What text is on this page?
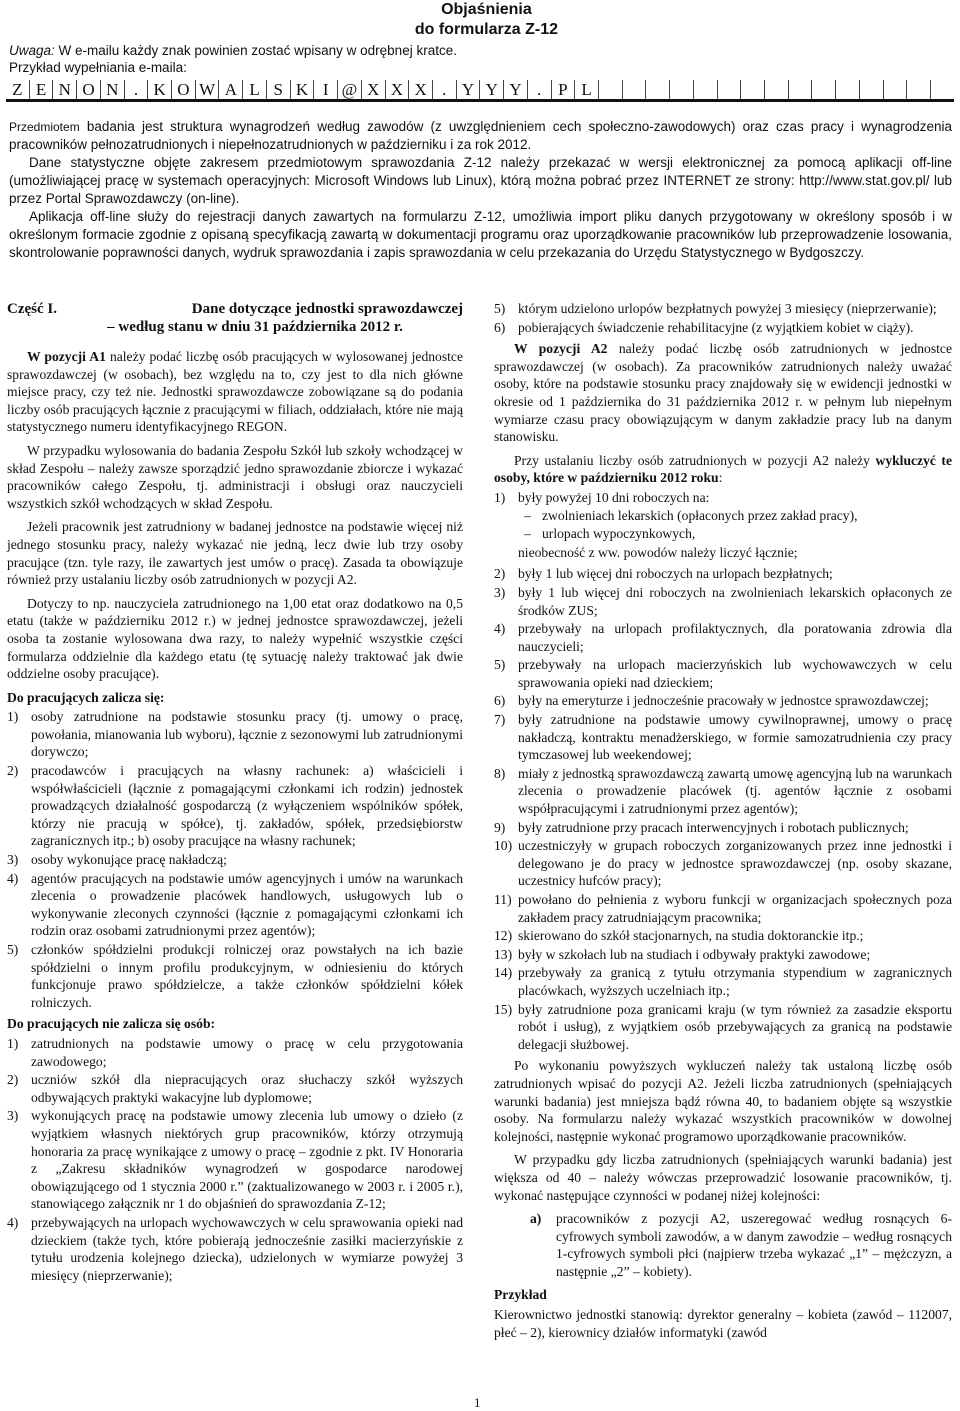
Objaśnienia
do formularza Z-12
Uwaga: W e-mailu każdy znak powinien zostać wpisany w odrębnej kratce.
Przykład wypełniania e-maila:
Z E N O N . K O W A L S K I @ X X X . Y Y Y . P L

Przedmiotem badania jest struktura wynagrodzeń według zawodów (z uwzględnieniem cech społeczno-zawodowych) oraz czas pracy i wynagrodzenia pracowników pełnozatrudnionych i niepełnozatrudnionych w październiku i za rok 2012.

Dane statystyczne objęte zakresem przedmiotowym sprawozdania Z-12 należy przekazać w wersji elektronicznej za pomocą aplikacji off-line (umożliwiającej pracę w systemach operacyjnych: Microsoft Windows lub Linux), którą można pobrać przez INTERNET ze strony: http://www.stat.gov.pl/ lub przez Portal Sprawozdawczy (on-line).

Aplikacja off-line służy do rejestracji danych zawartych na formularzu Z-12, umożliwia import pliku danych przygotowany w określony sposób i w określonym formacie zgodnie z opisaną specyfikacją zawartą w dokumentacji programu oraz uporządkowanie pracowników lub przeprowadzenie losowania, skontrolowanie poprawności danych, wydruk sprawozdania i zapis sprawozdania w celu przekazania do Urzędu Statystycznego w Bydgoszczy.

Część I.	Dane dotyczące jednostki sprawozdawczej
– według stanu w dniu 31 października 2012 r.

W pozycji A1 należy podać liczbę osób pracujących w wylosowanej jednostce sprawozdawczej (w osobach), bez względu na to, czy jest to dla nich główne miejsce pracy, czy też nie. Jednostki sprawozdawcze zobowiązane są do podania liczby osób pracujących łącznie z pracującymi w filiach, oddziałach, które nie mają statystycznego numeru identyfikacyjnego REGON.

W przypadku wylosowania do badania Zespołu Szkół lub szkoły wchodzącej w skład Zespołu – należy zawsze sporządzić jedno sprawozdanie zbiorcze i wykazać pracowników całego Zespołu, tj. administracji i obsługi oraz nauczycieli wszystkich szkół wchodzących w skład Zespołu.

Jeżeli pracownik jest zatrudniony w badanej jednostce na podstawie więcej niż jednego stosunku pracy, należy wykazać nie jedną, lecz dwie lub trzy osoby pracujące (tzn. tyle razy, ile zawartych jest umów o pracę). Zasada ta obowiązuje również przy ustalaniu liczby osób zatrudnionych w pozycji A2.

Dotyczy to np. nauczyciela zatrudnionego na 1,00 etat oraz dodatkowo na 0,5 etatu (także w październiku 2012 r.) w jednej jednostce sprawozdawczej, jeżeli osoba ta zostanie wylosowana dwa razy, to należy wypełnić wszystkie części formularza oddzielnie dla każdego etatu (tę sytuację należy traktować jak dwie oddzielne osoby pracujące).

Do pracujących zalicza się:
1) osoby zatrudnione na podstawie stosunku pracy (tj. umowy o pracę, powołania, mianowania lub wyboru), łącznie z sezonowymi lub zatrudnionymi dorywczo;
2) pracodawców i pracujących na własny rachunek: a) właścicieli i współwłaścicieli (łącznie z pomagającymi członkami ich rodzin) jednostek prowadzących działalność gospodarczą (z wyłączeniem wspólników spółek, którzy nie pracują w spółce), tj. zakładów, spółek, przedsiębiorstw zagranicznych itp.; b) osoby pracujące na własny rachunek;
3) osoby wykonujące pracę nakładczą;
4) agentów pracujących na podstawie umów agencyjnych i umów na warunkach zlecenia o prowadzenie placówek handlowych, usługowych lub o wykonywanie zleconych czynności (łącznie z pomagającymi członkami ich rodzin oraz osobami zatrudnionymi przez agentów);
5) członków spółdzielni produkcji rolniczej oraz powstałych na ich bazie spółdzielni o innym profilu produkcyjnym, w odniesieniu do których funkcjonuje prawo spółdzielcze, a także członków spółdzielni kółek rolniczych.
Do pracujących nie zalicza się osób:
1) zatrudnionych na podstawie umowy o pracę w celu przygotowania zawodowego;
2) uczniów szkół dla niepracujących oraz słuchaczy szkół wyższych odbywających praktyki wakacyjne lub dyplomowe;
3) wykonujących pracę na podstawie umowy zlecenia lub umowy o dzieło (z wyjątkiem własnych niektórych grup pracowników, którzy otrzymują honoraria za pracę wynikające z umowy o pracę – zgodnie z pkt. IV Honoraria z „Zakresu składników wynagrodzeń w gospodarce narodowej obowiązującego od 1 stycznia 2000 r.” (zaktualizowanego w 2003 r. i 2005 r.), stanowiącego załącznik nr 1 do objaśnień do sprawozdania Z-12;
4) przebywających na urlopach wychowawczych w celu sprawowania opieki nad dzieckiem (także tych, które pobierają jednocześnie zasiłki macierzyńskie z tytułu urodzenia kolejnego dziecka), udzielonych w wymiarze powyżej 3 miesięcy (nieprzerwanie);
5) którym udzielono urlopów bezpłatnych powyżej 3 miesięcy (nieprzerwanie);
6) pobierających świadczenie rehabilitacyjne (z wyjątkiem kobiet w ciąży).

W pozycji A2 należy podać liczbę osób zatrudnionych w jednostce sprawozdawczej (w osobach). Za pracowników zatrudnionych należy uważać osoby, które na podstawie stosunku pracy znajdowały się w ewidencji jednostki w okresie od 1 października do 31 października 2012 r. w pełnym lub niepełnym wymiarze czasu pracy obowiązującym w danym zakładzie pracy lub na danym stanowisku.

Przy ustalaniu liczby osób zatrudnionych w pozycji A2 należy wykluczyć te osoby, które w październiku 2012 roku:

1) były powyżej 10 dni roboczych na:
– zwolnieniach lekarskich (opłaconych przez zakład pracy),
– urlopach wypoczynkowych,
nieobecność z ww. powodów należy liczyć łącznie;
2) były 1 lub więcej dni roboczych na urlopach bezpłatnych;
3) były 1 lub więcej dni roboczych na zwolnieniach lekarskich opłaconych ze środków ZUS;
4) przebywały na urlopach profilaktycznych, dla poratowania zdrowia dla nauczycieli;
5) przebywały na urlopach macierzyńskich lub wychowawczych w celu sprawowania opieki nad dzieckiem;
6) były na emeryturze i jednocześnie pracowały w jednostce sprawozdawczej;
7) były zatrudnione na podstawie umowy cywilnoprawnej, umowy o pracę nakładczą, kontraktu menadżerskiego, w formie samozatrudnienia czy pracy tymczasowej lub weekendowej;
8) miały z jednostką sprawozdawczą zawartą umowę agencyjną lub na warunkach zlecenia o prowadzenie placówek (tj. agentów łącznie z osobami współpracującymi i zatrudnionymi przez agentów);
9) były zatrudnione przy pracach interwencyjnych i robotach publicznych;
10) uczestniczyły w grupach roboczych zorganizowanych przez inne jednostki i delegowano je do pracy w jednostce sprawozdawczej (np. osoby skazane, uczestnicy hufców pracy);
11) powołano do pełnienia z wyboru funkcji w organizacjach społecznych poza zakładem pracy zatrudniającym pracownika;
12) skierowano do szkół stacjonarnych, na studia doktoranckie itp.;
13) były w szkołach lub na studiach i odbywały praktyki zawodowe;
14) przebywały za granicą z tytułu otrzymania stypendium w zagranicznych placówkach, wyższych uczelniach itp.;
15) były zatrudnione poza granicami kraju (w tym również za zasadzie eksportu robót i usług), z wyjątkiem osób przebywających za granicą na podstawie delegacji służbowej.

Po wykonaniu powyższych wykluczeń należy tak ustaloną liczbę osób zatrudnionych wpisać do pozycji A2. Jeżeli liczba zatrudnionych (spełniających warunki badania) jest mniejsza bądź równa 40, to badaniem objęte są wszystkie osoby. Na formularzu należy wykazać wszystkich pracowników w dowolnej kolejności, następnie wykonać programowo uporządkowanie pracowników.

W przypadku gdy liczba zatrudnionych (spełniających warunki badania) jest większa od 40 – należy wówczas przeprowadzić losowanie pracowników, tj. wykonać następujące czynności w podanej niżej kolejności:

a) pracowników z pozycji A2, uszeregować według rosnących 6-cyfrowych symboli zawodów, a w danym zawodzie – według rosnących 1-cyfrowych symboli płci (najpierw trzeba wykazać „1” – mężczyzn, a następnie „2” – kobiety).
Przykład

Kierownictwo jednostki stanowią: dyrektor generalny – kobieta (zawód – 112007, płeć – 2), kierownicy działów informatyki (zawód

1
